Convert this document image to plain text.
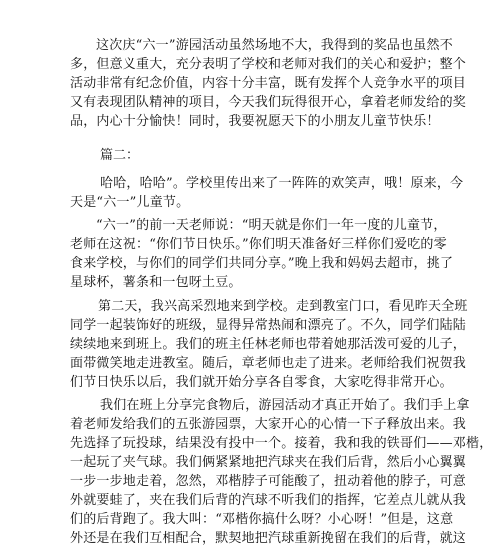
这次庆“六一”游园活动虽然场地不大，我得到的奖品也虽然不
多，但意义重大，充分表明了学校和老师对我们的关心和爱护；整个
活动非常有纪念价值，内容十分丰富，既有发挥个人竞争水平的项目
又有表现团队精神的项目，今天我们玩得很开心，拿着老师发给的奖
品，内心十分愉快！同时，我要祝愿天下的小朋友儿童节快乐！
篇二：
哈哈，哈哈”。学校里传出来了一阵阵的欢笑声，哦！原来，今
天是“六一”儿童节。
“六一”的前一天老师说：“明天就是你们一年一度的儿童节，
老师在这祝：“你们节日快乐。”你们明天准备好三样你们爱吃的零
食来学校，与你们的同学们共同分享。”晚上我和妈妈去超市，挑了
星球杯，薯条和一包呀土豆。
第二天，我兴高采烈地来到学校。走到教室门口，看见昨天全班
同学一起装饰好的班级，显得异常热闹和漂亮了。不久，同学们陆陆
续续地来到班上。我们的班主任林老师也带着她那活泼可爱的儿子，
面带微笑地走进教室。随后，章老师也走了进来。老师给我们祝贺我
们节日快乐以后，我们就开始分享各自零食，大家吃得非常开心。
我们在班上分享完食物后，游园活动才真正开始了。我们手上拿
着老师发给我们的五张游园票，大家开心的心情一下子释放出来。我
先选择了玩投球，结果没有投中一个。接着，我和我的铁哥们——邓楷，
一起玩了夹气球。我们俩紧紧地把汽球夹在我们后背，然后小心翼翼
一步一步地走着，忽然，邓楷脖子可能酸了，扭动着他的脖子，可意
外就要蛙了，夹在我们后背的汽球不听我们的指挥，它差点儿就从我
们的后背跑了。我大叫：“邓楷你搞什么呀？小心呀！”但是，这意
外还是在我们互相配合，默契地把汽球重新挽留在我们的后背，就这
